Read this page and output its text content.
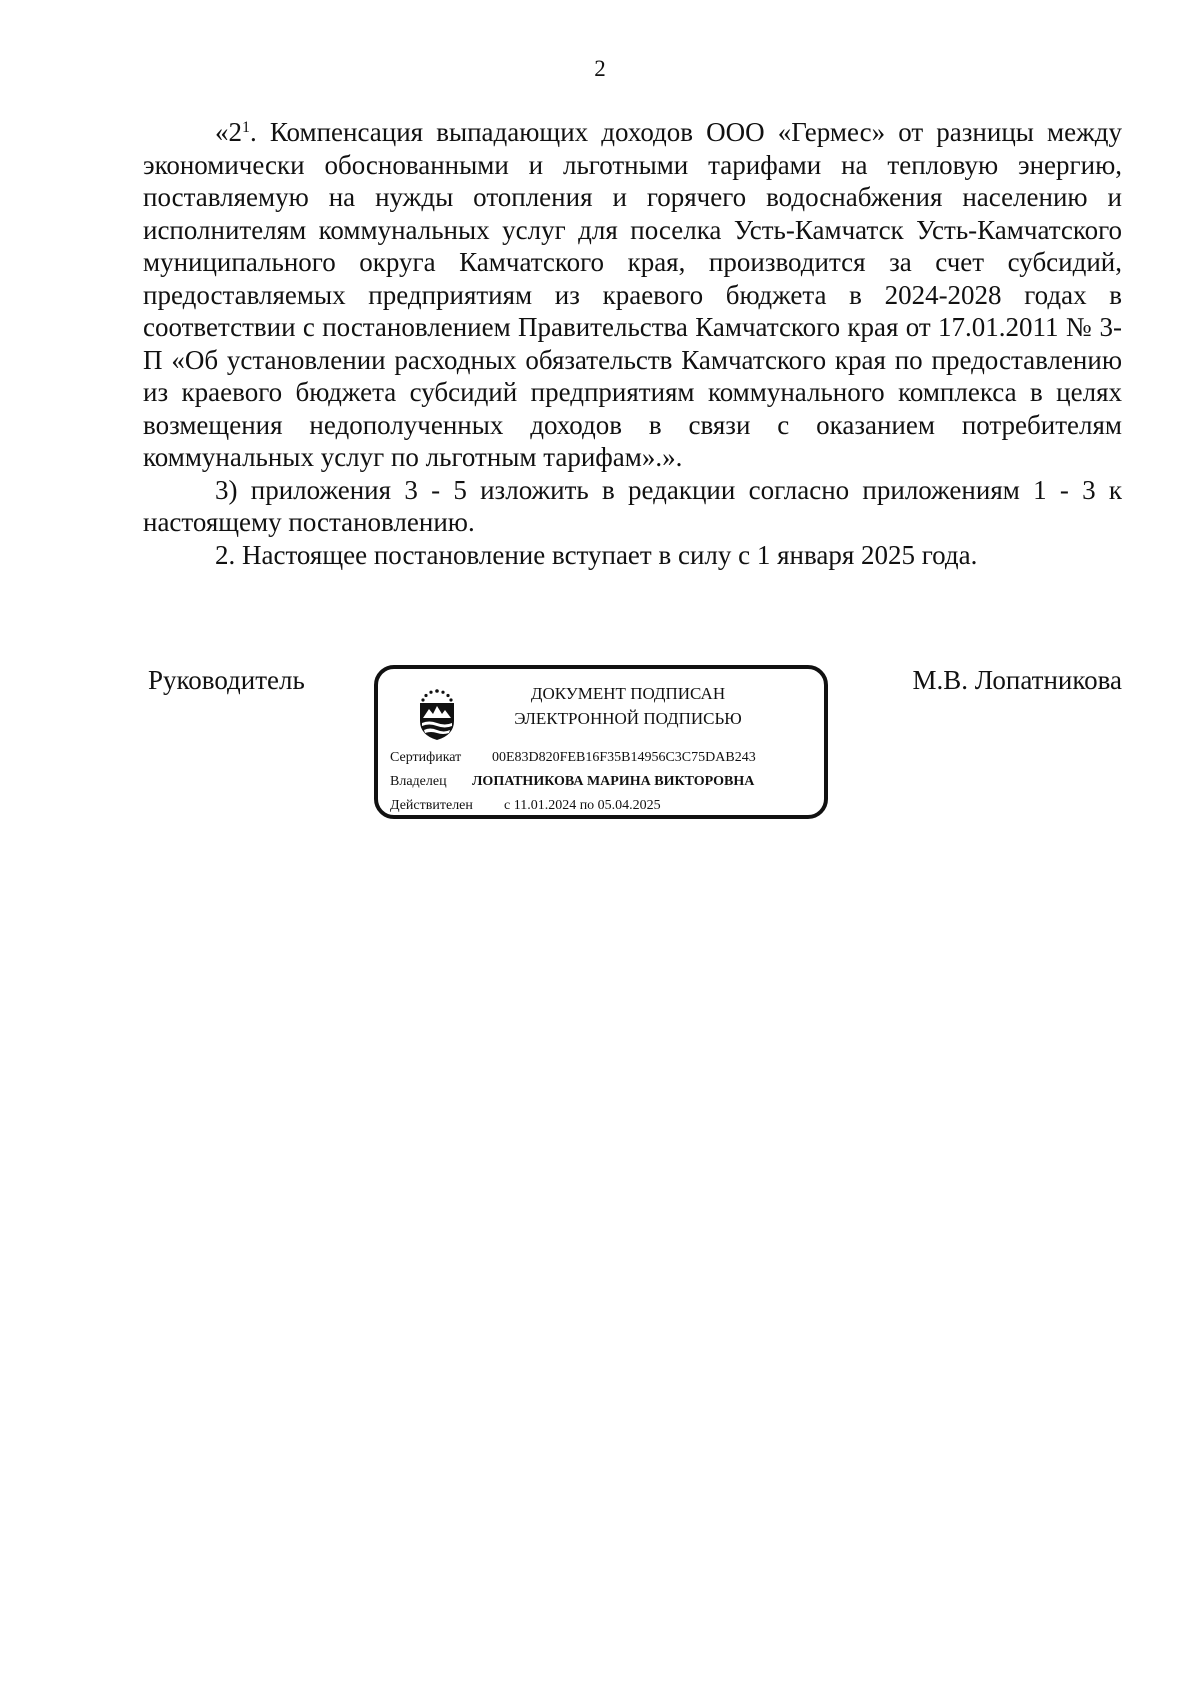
2

«$2^1$. Компенсация выпадающих доходов ООО «Гермес» от разницы между экономически обоснованными и льготными тарифами на тепловую энергию, поставляемую на нужды отопления и горячего водоснабжения населению и исполнителям коммунальных услуг для поселка Усть-Камчатск Усть-Камчатского муниципального округа Камчатского края, производится за счет субсидий, предоставляемых предприятиям из краевого бюджета в 2024-2028 годах в соответствии с постановлением Правительства Камчатского края от 17.01.2011 № 3-П «Об установлении расходных обязательств Камчатского края по предоставлению из краевого бюджета субсидий предприятиям коммунального комплекса в целях возмещения недополученных доходов в связи с оказанием потребителям коммунальных услуг по льготным тарифам».».

3) приложения 3 - 5 изложить в редакции согласно приложениям 1 - 3 к настоящему постановлению.

2. Настоящее постановление вступает в силу с 1 января 2025 года.

Руководитель	ДОКУМЕНТ ПОДПИСАН
ЭЛЕКТРОННОЙ ПОДПИСЬЮ
Сертификат 00E83D820FEB16F35B14956C3C75DAB243
Владелец ЛОПАТНИКОВА МАРИНА ВИКТОРОВНА
Действителен с 11.01.2024 по 05.04.2025
М.В. Лопатникова
